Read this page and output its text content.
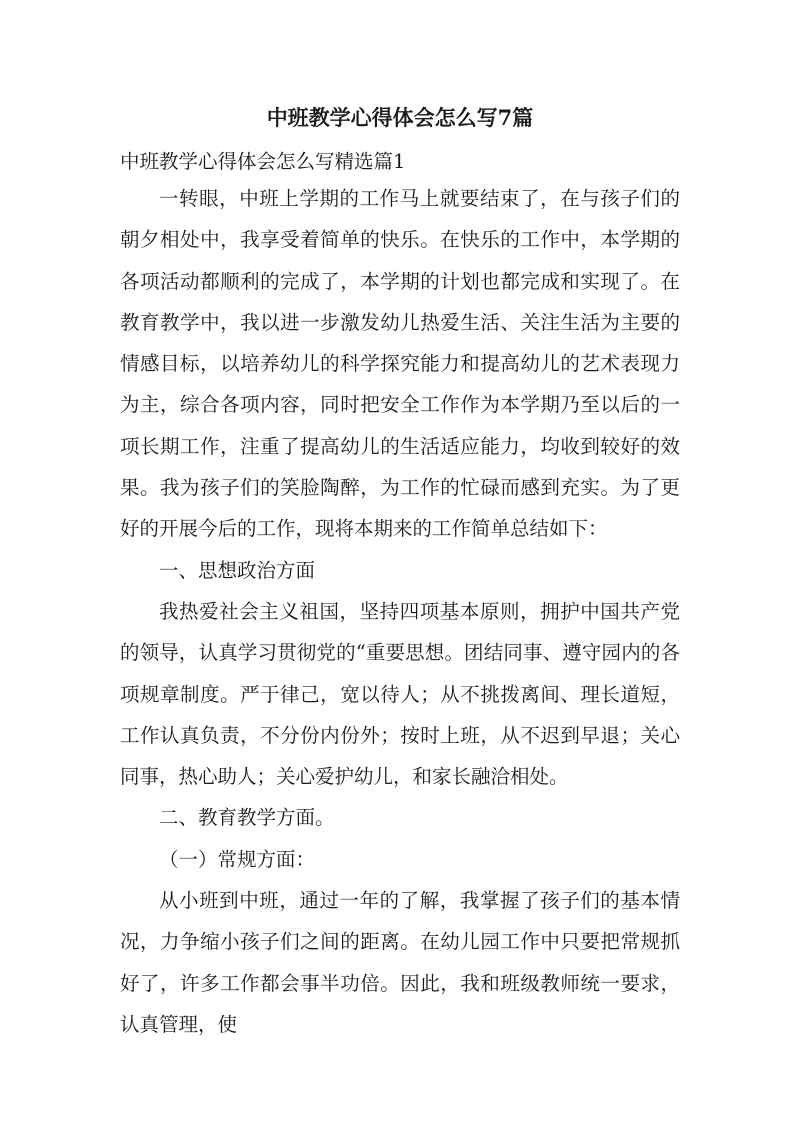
中班教学心得体会怎么写7篇
中班教学心得体会怎么写精选篇1

一转眼，中班上学期的工作马上就要结束了，在与孩子们的朝夕相处中，我享受着简单的快乐。在快乐的工作中，本学期的各项活动都顺利的完成了，本学期的计划也都完成和实现了。在教育教学中，我以进一步激发幼儿热爱生活、关注生活为主要的情感目标，以培养幼儿的科学探究能力和提高幼儿的艺术表现力为主，综合各项内容，同时把安全工作作为本学期乃至以后的一项长期工作，注重了提高幼儿的生活适应能力，均收到较好的效果。我为孩子们的笑脸陶醉，为工作的忙碌而感到充实。为了更好的开展今后的工作，现将本期来的工作简单总结如下：

一、思想政治方面

我热爱社会主义祖国，坚持四项基本原则，拥护中国共产党的领导，认真学习贯彻党的“重要思想。团结同事、遵守园内的各项规章制度。严于律己，宽以待人；从不挑拨离间、理长道短，工作认真负责，不分份内份外；按时上班，从不迟到早退；关心同事，热心助人；关心爱护幼儿，和家长融洽相处。

二、教育教学方面。

（一）常规方面：

从小班到中班，通过一年的了解，我掌握了孩子们的基本情况，力争缩小孩子们之间的距离。在幼儿园工作中只要把常规抓好了，许多工作都会事半功倍。因此，我和班级教师统一要求，认真管理，使
